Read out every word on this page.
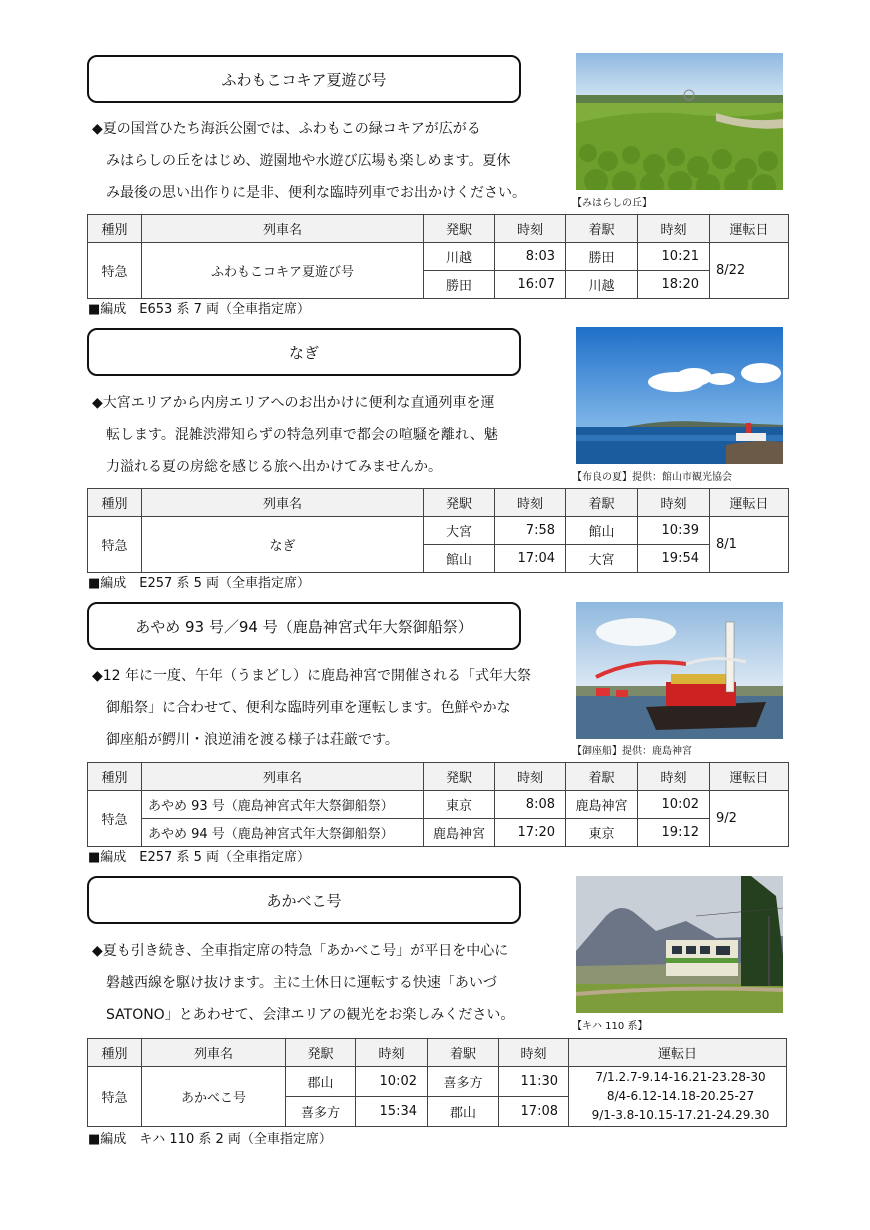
ふわもこコキア夏遊び号
◆夏の国営ひたち海浜公園では、ふわもこの緑コキアが広がる
　みはらしの丘をはじめ、遊園地や水遊び広場も楽しめます。夏休
　み最後の思い出作りに是非、便利な臨時列車でお出かけください。
【みはらしの丘】
種別	列車名	発駅	時刻	着駅	時刻	運転日
特急	ふわもこコキア夏遊び号	川越	8:03	勝田	10:21	8/22
		勝田	16:07	川越	18:20	
■編成　E653 系 7 両（全車指定席）
なぎ
◆大宮エリアから内房エリアへのお出かけに便利な直通列車を運
　転します。混雑渋滞知らずの特急列車で都会の喧騒を離れ、魅
　力溢れる夏の房総を感じる旅へ出かけてみませんか。
【布良の夏】提供：館山市観光協会
種別	列車名	発駅	時刻	着駅	時刻	運転日
特急	なぎ	大宮	7:58	館山	10:39	8/1
		館山	17:04	大宮	19:54	
■編成　E257 系 5 両（全車指定席）
あやめ 93 号／94 号（鹿島神宮式年大祭御船祭）
◆12 年に一度、午年（うまどし）に鹿島神宮で開催される「式年大祭
　御船祭」に合わせて、便利な臨時列車を運転します。色鮮やかな
　御座船が鰐川・浪逆浦を渡る様子は荘厳です。
【御座船】提供：鹿島神宮
種別	列車名	発駅	時刻	着駅	時刻	運転日
特急	あやめ 93 号（鹿島神宮式年大祭御船祭）	東京	8:08	鹿島神宮	10:02	9/2
	あやめ 94 号（鹿島神宮式年大祭御船祭）	鹿島神宮	17:20	東京	19:12	
■編成　E257 系 5 両（全車指定席）
あかべこ号
◆夏も引き続き、全車指定席の特急「あかべこ号」が平日を中心に
　磐越西線を駆け抜けます。主に土休日に運転する快速「あいづ
　SATONO」とあわせて、会津エリアの観光をお楽しみください。
【キハ 110 系】
種別	列車名	発駅	時刻	着駅	時刻	運転日
特急	あかべこ号	郡山	10:02	喜多方	11:30	7/1.2.7-9.14-16.21-23.28-30
8/4-6.12-14.18-20.25-27
9/1-3.8-10.15-17.21-24.29.30

		喜多方	15:34	郡山	17:08	
■編成　キハ 110 系 2 両（全車指定席）
